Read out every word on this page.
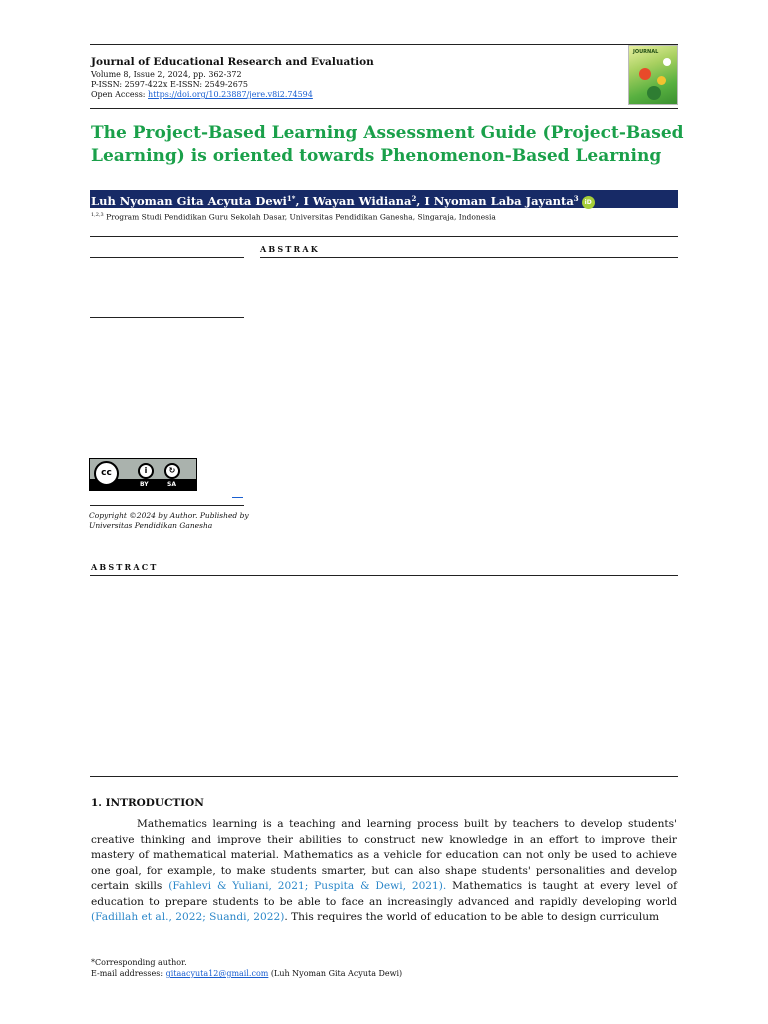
Journal of Educational Research and Evaluation
Volume 8, Issue 2, 2024, pp. 362-372
P-ISSN: 2597-422x E-ISSN: 2549-2675
Open Access: https://doi.org/10.23887/jere.v8i2.74594
JOURNAL
The Project-Based Learning Assessment Guide (Project-Based Learning) is oriented towards Phenomenon-Based Learning
Luh Nyoman Gita Acyuta Dewi$^{1*}$, I Wayan Widiana$^2$, I Nyoman Laba Jayanta$^3$ iD
$^{1,2,3}$ Program Studi Pendidikan Guru Sekolah Dasar, Universitas Pendidikan Ganesha, Singaraja, Indonesia
ABSTRAK
cc	i	↻
BY	SA
Copyright ©2024 by Author. Published by Universitas Pendidikan Ganesha
ABSTRACT
1. INTRODUCTION
Mathematics learning is a teaching and learning process built by teachers to develop students' creative thinking and improve their abilities to construct new knowledge in an effort to improve their mastery of mathematical material. Mathematics as a vehicle for education can not only be used to achieve one goal, for example, to make students smarter, but can also shape students' personalities and develop certain skills (Fahlevi & Yuliani, 2021; Puspita & Dewi, 2021). Mathematics is taught at every level of education to prepare students to be able to face an increasingly advanced and rapidly developing world (Fadillah et al., 2022; Suandi, 2022). This requires the world of education to be able to design curriculum
*Corresponding author.
E-mail addresses: gitaacyuta12@gmail.com (Luh Nyoman Gita Acyuta Dewi)
